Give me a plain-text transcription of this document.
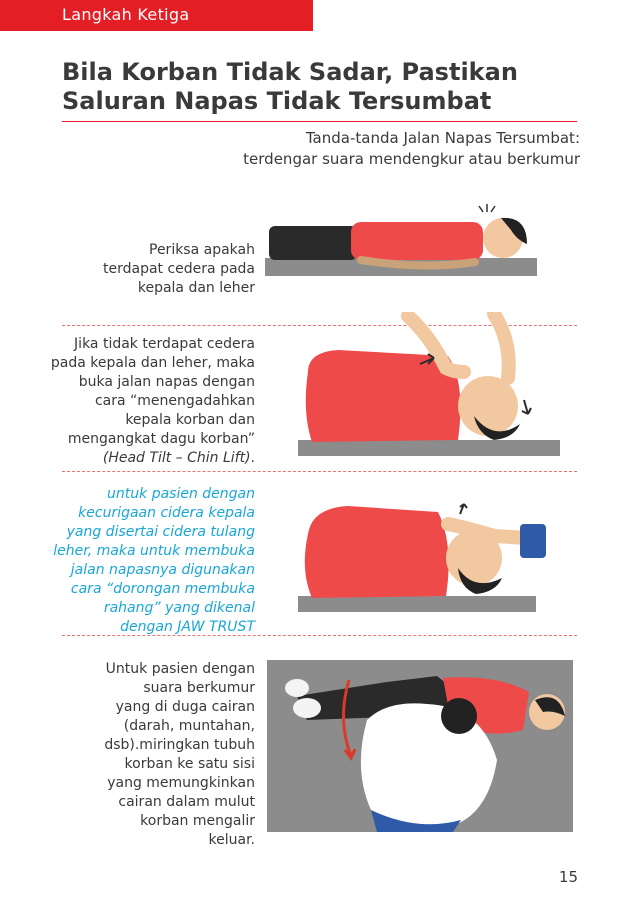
Langkah Ketiga
Bila Korban Tidak Sadar, Pastikan Saluran Napas Tidak Tersumbat
Tanda-tanda Jalan Napas Tersumbat:
terdengar suara mendengkur atau berkumur
Periksa apakah
terdapat cedera pada
kepala dan leher
Jika tidak terdapat cedera
pada kepala dan leher, maka
buka jalan napas dengan
cara “menengadahkan
kepala korban dan
mengangkat dagu korban”
(Head Tilt – Chin Lift).
untuk pasien dengan
kecurigaan cidera kepala
yang disertai cidera tulang
leher, maka untuk membuka
jalan napasnya digunakan
cara “dorongan membuka
rahang” yang dikenal
dengan JAW TRUST
Untuk pasien dengan
suara berkumur
yang di duga cairan
(darah, muntahan,
dsb).miringkan tubuh
korban ke satu sisi
yang memungkinkan
cairan dalam mulut
korban mengalir
keluar.
15
